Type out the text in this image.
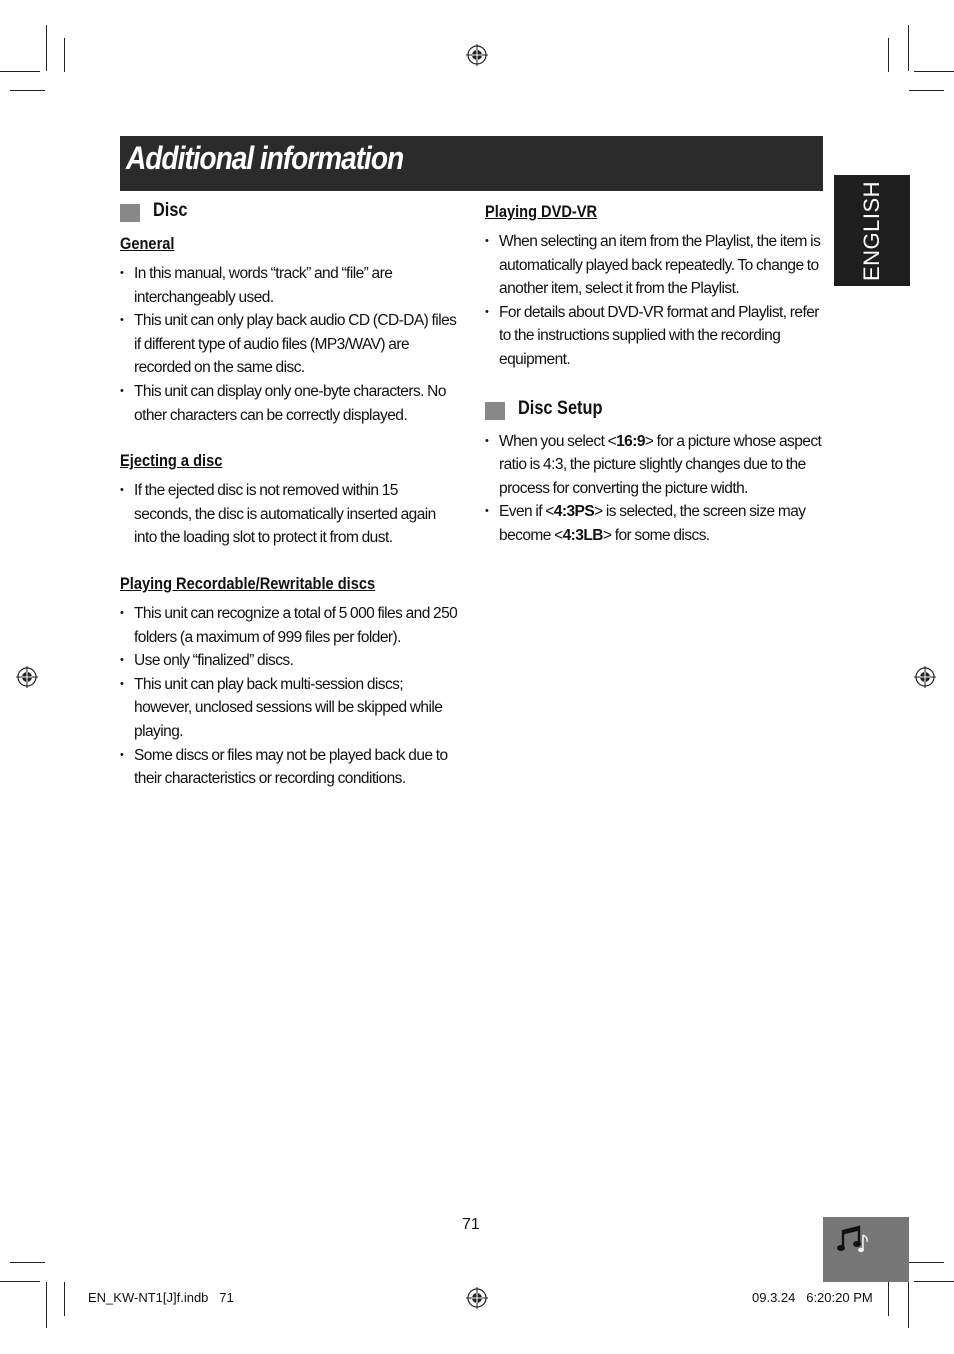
Additional information
ENGLISH
Disc
General
• In this manual, words “track” and “file” are interchangeably used.
• This unit can only play back audio CD (CD-DA) files if different type of audio files (MP3/WAV) are recorded on the same disc.
• This unit can display only one-byte characters. No other characters can be correctly displayed.
Ejecting a disc
• If the ejected disc is not removed within 15 seconds, the disc is automatically inserted again into the loading slot to protect it from dust.
Playing Recordable/Rewritable discs
• This unit can recognize a total of 5 000 files and 250 folders (a maximum of 999 files per folder).
• Use only “finalized” discs.
• This unit can play back multi-session discs; however, unclosed sessions will be skipped while playing.
• Some discs or files may not be played back due to their characteristics or recording conditions.
Playing DVD-VR
• When selecting an item from the Playlist, the item is automatically played back repeatedly. To change to another item, select it from the Playlist.
• For details about DVD-VR format and Playlist, refer to the instructions supplied with the recording equipment.
Disc Setup
• When you select <16:9> for a picture whose aspect ratio is 4:3, the picture slightly changes due to the process for converting the picture width.
• Even if <4:3PS> is selected, the screen size may become <4:3LB> for some discs.
71
EN_KW-NT1[J]f.indb   71	09.3.24   6:20:20 PM
